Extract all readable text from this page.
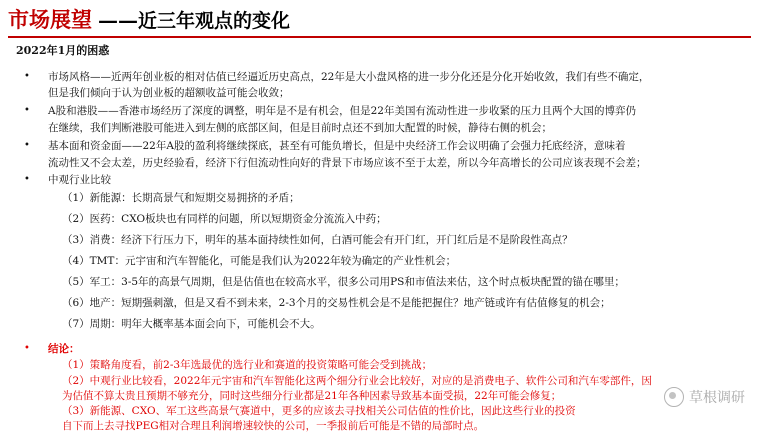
市场展望 —— 近三年观点的变化
2022年1月的困惑
• 市场风格——近两年创业板的相对估值已经逼近历史高点，22年是大小盘风格的进一步分化还是分化开始收敛，我们有些不确定，
但是我们倾向于认为创业板的超额收益可能会收敛；
• A股和港股——香港市场经历了深度的调整，明年是不是有机会，但是22年美国有流动性进一步收紧的压力且两个大国的博弈仍
在继续，我们判断港股可能进入到左侧的底部区间，但是目前时点还不到加大配置的时候，静待右侧的机会；
• 基本面和资金面——22年A股的盈利将继续探底，甚至有可能负增长，但是中央经济工作会议明确了会强力托底经济，意味着
流动性又不会太差，历史经验看，经济下行但流动性向好的背景下市场应该不至于太差，所以今年高增长的公司应该表现不会差；
• 中观行业比较
（1）新能源：长期高景气和短期交易拥挤的矛盾；
（2）医药：CXO板块也有同样的问题，所以短期资金分流流入中药；
（3）消费：经济下行压力下，明年的基本面持续性如何，白酒可能会有开门红，开门红后是不是阶段性高点？
（4）TMT：元宇宙和汽车智能化，可能是我们认为2022年较为确定的产业性机会；
（5）军工：3-5年的高景气周期，但是估值也在较高水平，很多公司用PS和市值法来估，这个时点板块配置的锚在哪里；
（6）地产：短期强刺激，但是又看不到未来，2-3个月的交易性机会是不是能把握住？地产链或许有估值修复的机会；
（7）周期：明年大概率基本面会向下，可能机会不大。
• 结论：
（1）策略角度看，前2-3年选最优的选行业和赛道的投资策略可能会受到挑战；
（2）中观行业比较看，2022年元宇宙和汽车智能化这两个细分行业会比较好，对应的是消费电子、软件公司和汽车零部件，因
为估值不算太贵且预期不够充分，同时这些细分行业都是21年各种因素导致基本面受损，22年可能会修复；
（3）新能源、CXO、军工这些高景气赛道中，更多的应该去寻找相关公司估值的性价比，因此这些行业的投资
自下而上去寻找PEG相对合理且利润增速较快的公司，一季报前后可能是不错的局部时点。
草根调研
